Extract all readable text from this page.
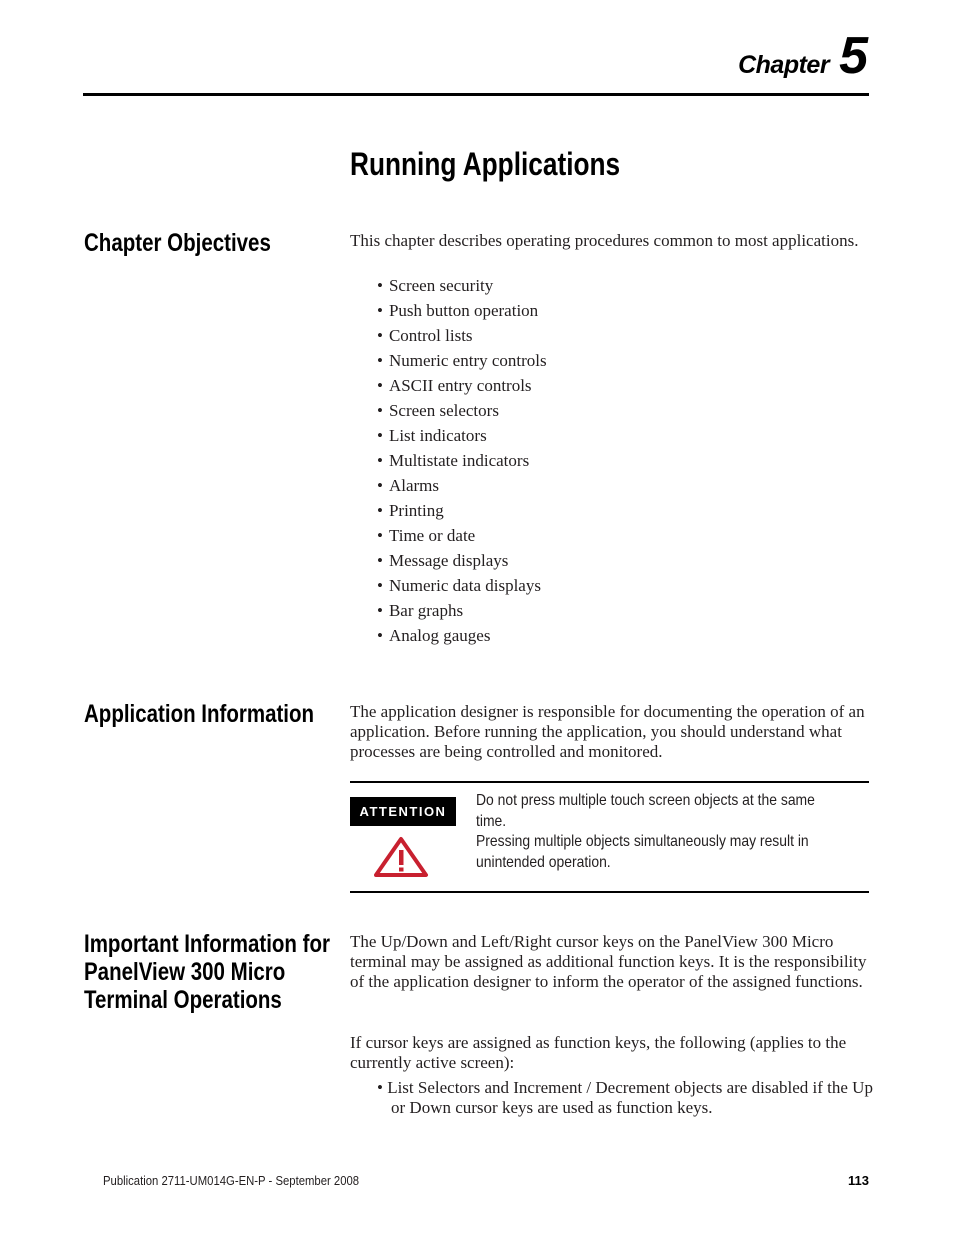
Chapter 5
Running Applications
Chapter Objectives	This chapter describes operating procedures common to most applications.

• Screen security
• Push button operation
• Control lists
• Numeric entry controls
• ASCII entry controls
• Screen selectors
• List indicators
• Multistate indicators
• Alarms
• Printing
• Time or date
• Message displays
• Numeric data displays
• Bar graphs
• Analog gauges
Application Information The application designer is responsible for documenting the operation of an application. Before running the application, you should understand what processes are being controlled and monitored.

ATTENTION

Do not press multiple touch screen objects at the same time.

Pressing multiple objects simultaneously may result in

unintended operation.

Important Information for
PanelView 300 Micro
Terminal Operations

The Up/Down and Left/Right cursor keys on the PanelView 300 Micro terminal may be assigned as additional function keys. It is the responsibility of the application designer to inform the operator of the assigned functions.

If cursor keys are assigned as function keys, the following (applies to the currently active screen):

• List Selectors and Increment / Decrement objects are disabled if the Up or Down cursor keys are used as function keys.

Publication 2711-UM014G-EN-P - September 2008	113
